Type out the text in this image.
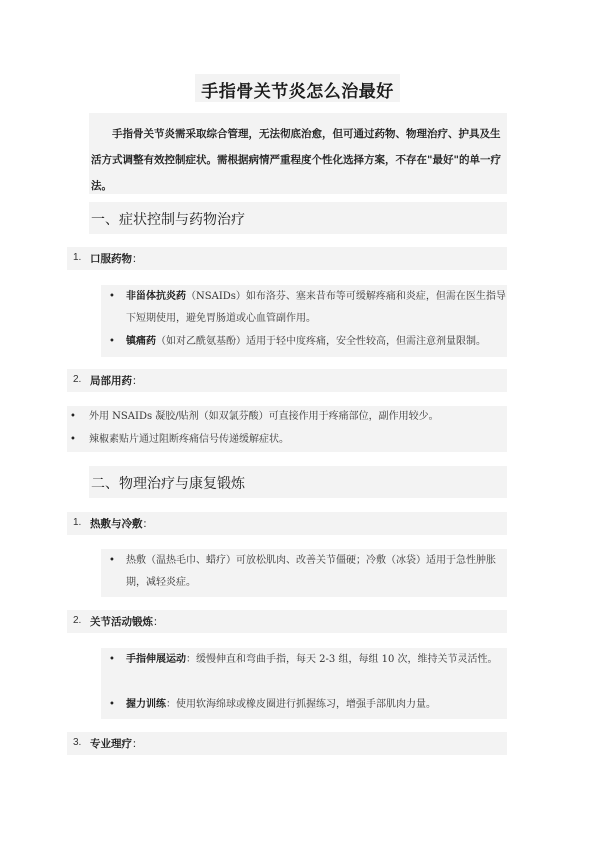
手指骨关节炎怎么治最好

手指骨关节炎需采取综合管理，无法彻底治愈，但可通过药物、物理治疗、护具及生活方式调整有效控制症状。需根据病情严重程度个性化选择方案，不存在"最好"的单一疗法。

一、症状控制与药物治疗
1. 口服药物：
•	非甾体抗炎药（NSAIDs）如布洛芬、塞来昔布等可缓解疼痛和炎症，但需在医生指导下短期使用，避免胃肠道或心血管副作用。
•	镇痛药（如对乙酰氨基酚）适用于轻中度疼痛，安全性较高，但需注意剂量限制。
2. 局部用药：
•	外用 NSAIDs 凝胶/贴剂（如双氯芬酸）可直接作用于疼痛部位，副作用较少。
•	辣椒素贴片通过阻断疼痛信号传递缓解症状。
二、物理治疗与康复锻炼
1. 热敷与冷敷：
•	热敷（温热毛巾、蜡疗）可放松肌肉、改善关节僵硬；冷敷（冰袋）适用于急性肿胀期，减轻炎症。
2. 关节活动锻炼：
•	手指伸展运动：缓慢伸直和弯曲手指，每天 2-3 组，每组 10 次，维持关节灵活性。
•	握力训练：使用软海绵球或橡皮圈进行抓握练习，增强手部肌肉力量。
3. 专业理疗：
